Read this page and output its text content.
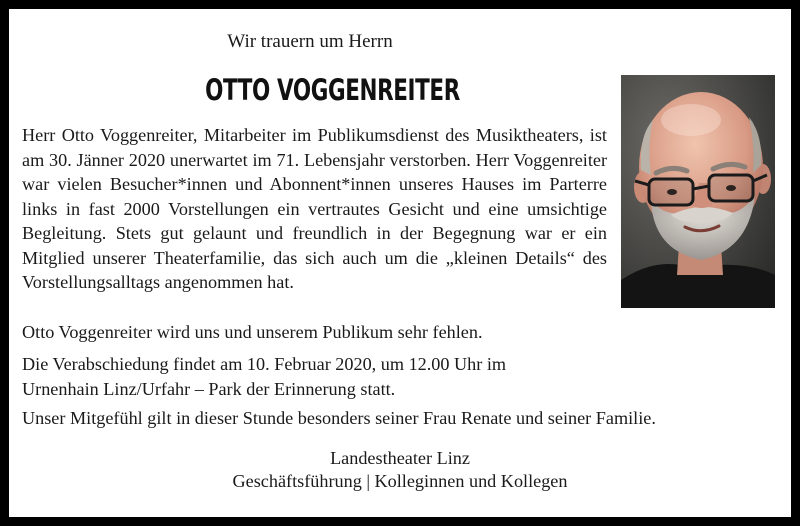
Wir trauern um Herrn
OTTO VOGGENREITER
Herr Otto Voggenreiter, Mitarbeiter im Publikumsdienst des Musiktheaters, ist am 30. Jänner 2020 unerwartet im 71. Lebensjahr verstorben. Herr Voggenreiter war vielen Besucher*innen und Abonnent*innen unseres Hauses im Parterre links in fast 2000 Vorstellungen ein vertrautes Gesicht und eine umsichtige Begleitung. Stets gut gelaunt und freundlich in der Begegnung war er ein Mitglied unserer Theaterfamilie, das sich auch um die „kleinen Details“ des Vorstellungsalltags angenommen hat.
Otto Voggenreiter wird uns und unserem Publikum sehr fehlen.
Die Verabschiedung findet am 10. Februar 2020, um 12.00 Uhr im
Urnenhain Linz/Urfahr – Park der Erinnerung statt.
Unser Mitgefühl gilt in dieser Stunde besonders seiner Frau Renate und seiner Familie.
Landestheater Linz
Geschäftsführung | Kolleginnen und Kollegen
